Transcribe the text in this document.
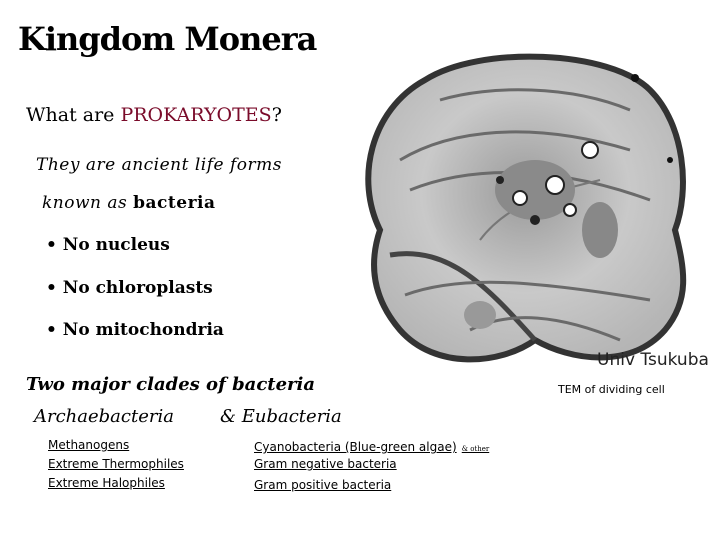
Kingdom Monera
What are PROKARYOTES?
They are ancient life forms
known as bacteria
• No nucleus
• No chloroplasts
• No mitochondria
Two major clades of bacteria
Archaebacteria	& Eubacteria
Methanogens
Extreme Thermophiles
Extreme Halophiles
Cyanobacteria (Blue-green algae) & other
Gram negative bacteria
Gram positive bacteria
Univ Tsukuba
TEM of dividing cell
